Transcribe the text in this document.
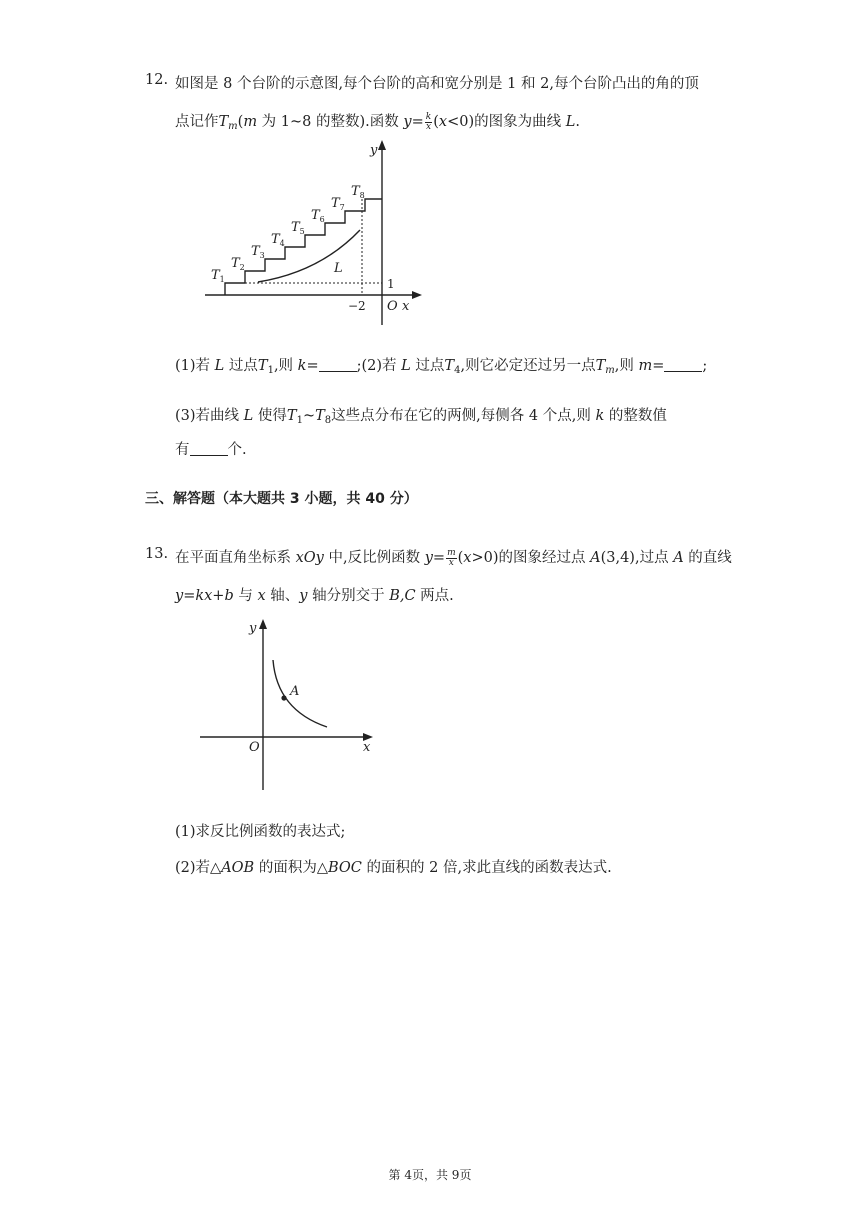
12. 如图是 8 个台阶的示意图,每个台阶的高和宽分别是 1 和 2,每个台阶凸出的角的顶
点记作$T_m(m$ 为 1~8 的整数).函数 $y= \frac{k}{x} (x<0)$的图象为曲线 L.
y
x
O
L
−2
1
$T_1$
$T_2$
$T_3$
$T_4$
$T_5$
$T_6$
$T_7$
$T_8$
(1)若 L 过点$T_1$,则 k=	;(2)若 L 过点$T_4$,则它必定还过另一点$T_m$,则 m=	;
(3)若曲线 L 使得$T_1\sim T_8$这些点分布在它的两侧,每侧各 4 个点,则 k 的整数值
有	个.
三、解答题（本大题共 3 小题，共 40 分）
13. 在平面直角坐标系 xOy 中,反比例函数 $y= \frac{m}{x} (x>0)$的图象经过点 A(3,4),过点 A 的直线
y=kx+b 与 x 轴、y 轴分别交于 B,C 两点.
y
x
O
A
(1)求反比例函数的表达式;
(2)若△AOB 的面积为△BOC 的面积的 2 倍,求此直线的函数表达式.
第 4页，共 9页
